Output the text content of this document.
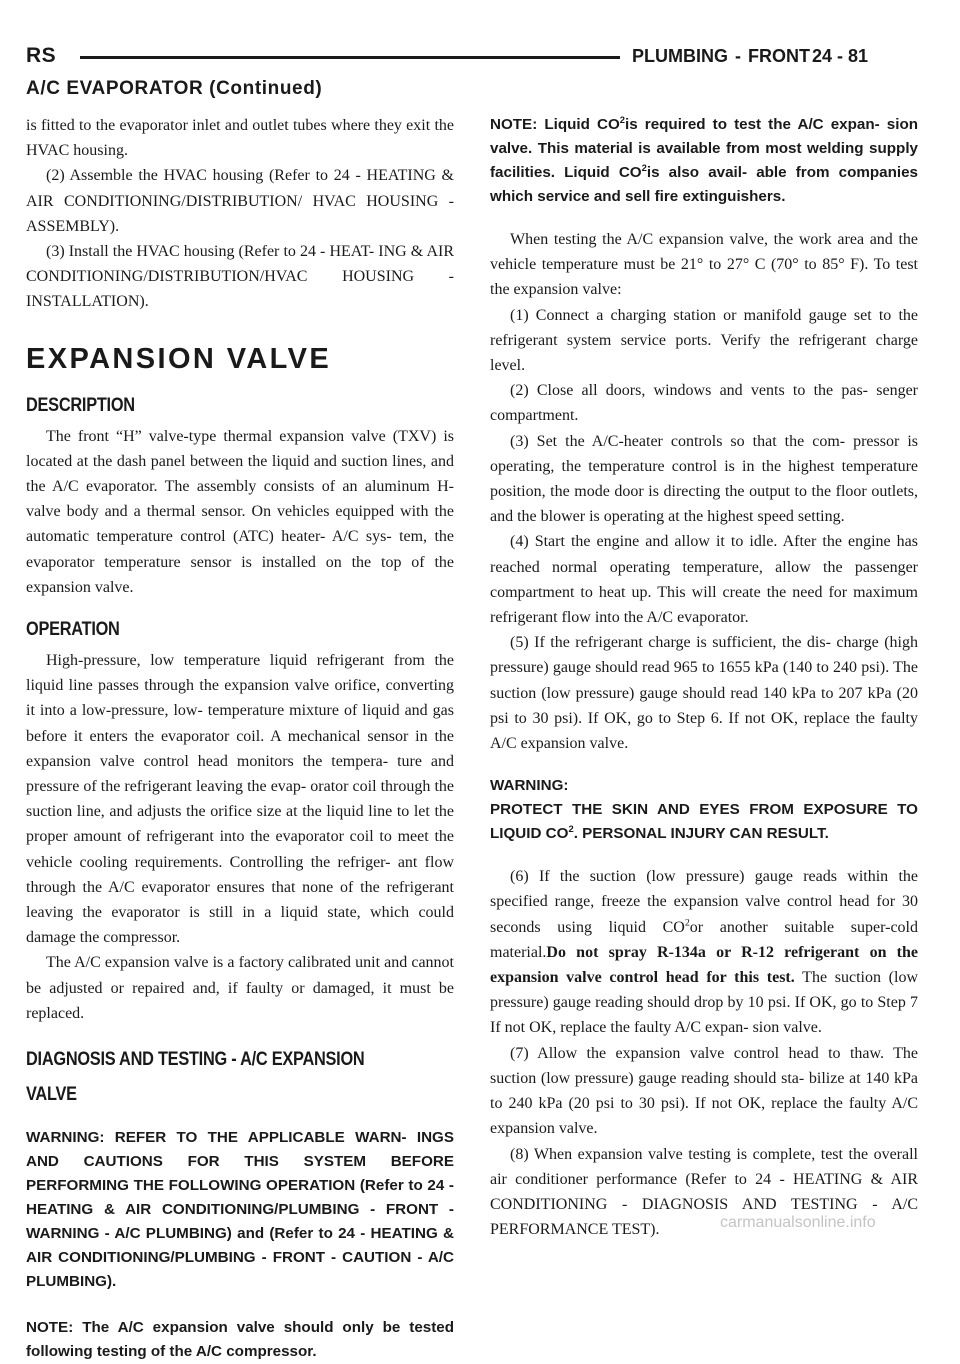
RS	PLUMBING - FRONT 24 - 81
A/C EVAPORATOR (Continued)

is fitted to the evaporator inlet and outlet tubes where they exit the HVAC housing.

(2) Assemble the HVAC housing (Refer to 24 - HEATING & AIR CONDITIONING/DISTRIBUTION/ HVAC HOUSING - ASSEMBLY).

(3) Install the HVAC housing (Refer to 24 - HEAT- ING & AIR CONDITIONING/DISTRIBUTION/HVAC HOUSING - INSTALLATION).

EXPANSION VALVE
DESCRIPTION

The front “H” valve-type thermal expansion valve (TXV) is located at the dash panel between the liquid and suction lines, and the A/C evaporator. The assembly consists of an aluminum H-valve body and a thermal sensor. On vehicles equipped with the automatic temperature control (ATC) heater- A/C sys- tem, the evaporator temperature sensor is installed on the top of the expansion valve.

OPERATION

High-pressure, low temperature liquid refrigerant from the liquid line passes through the expansion valve orifice, converting it into a low-pressure, low- temperature mixture of liquid and gas before it enters the evaporator coil. A mechanical sensor in the expansion valve control head monitors the tempera- ture and pressure of the refrigerant leaving the evap- orator coil through the suction line, and adjusts the orifice size at the liquid line to let the proper amount of refrigerant into the evaporator coil to meet the vehicle cooling requirements. Controlling the refriger- ant flow through the A/C evaporator ensures that none of the refrigerant leaving the evaporator is still in a liquid state, which could damage the compressor.

The A/C expansion valve is a factory calibrated unit and cannot be adjusted or repaired and, if faulty or damaged, it must be replaced.

DIAGNOSIS AND TESTING - A/C EXPANSION
VALVE
WARNING: REFER TO THE APPLICABLE WARN- INGS AND CAUTIONS FOR THIS SYSTEM BEFORE PERFORMING THE FOLLOWING OPERATION (Refer to 24 - HEATING & AIR CONDITIONING/PLUMBING - FRONT - WARNING - A/C PLUMBING) and (Refer to 24 - HEATING & AIR CONDITIONING/PLUMBING - FRONT - CAUTION - A/C PLUMBING).
NOTE: The A/C expansion valve should only be tested following testing of the A/C compressor.
NOTE: Liquid $CO^2is$ required to test the A/C expan- sion valve. This material is available from most welding supply facilities. Liquid $CO^2is$ also avail- able from companies which service and sell fire extinguishers.

When testing the A/C expansion valve, the work area and the vehicle temperature must be 21° to 27° C (70° to 85° F). To test the expansion valve:

(1) Connect a charging station or manifold gauge set to the refrigerant system service ports. Verify the refrigerant charge level.

(2) Close all doors, windows and vents to the pas- senger compartment.

(3) Set the A/C-heater controls so that the com- pressor is operating, the temperature control is in the highest temperature position, the mode door is directing the output to the floor outlets, and the blower is operating at the highest speed setting.

(4) Start the engine and allow it to idle. After the engine has reached normal operating temperature, allow the passenger compartment to heat up. This will create the need for maximum refrigerant flow into the A/C evaporator.

(5) If the refrigerant charge is sufficient, the dis- charge (high pressure) gauge should read 965 to 1655 kPa (140 to 240 psi). The suction (low pressure) gauge should read 140 kPa to 207 kPa (20 psi to 30 psi). If OK, go to Step 6. If not OK, replace the faulty A/C expansion valve.

WARNING:
PROTECT THE SKIN AND EYES FROM EXPOSURE TO LIQUID $CO^2$. PERSONAL INJURY CAN RESULT.

(6) If the suction (low pressure) gauge reads within the specified range, freeze the expansion valve control head for 30 seconds using liquid $CO^2or$ another suitable super-cold material.Do not spray R-134a or R-12 refrigerant on the expansion valve control head for this test. The suction (low pressure) gauge reading should drop by 10 psi. If OK, go to Step 7 If not OK, replace the faulty A/C expan- sion valve.

(7) Allow the expansion valve control head to thaw. The suction (low pressure) gauge reading should sta- bilize at 140 kPa to 240 kPa (20 psi to 30 psi). If not OK, replace the faulty A/C expansion valve.

(8) When expansion valve testing is complete, test the overall air conditioner performance (Refer to 24 - HEATING & AIR CONDITIONING - DIAGNOSIS AND TESTING - A/C PERFORMANCE TEST).	carmanualsonline.info
